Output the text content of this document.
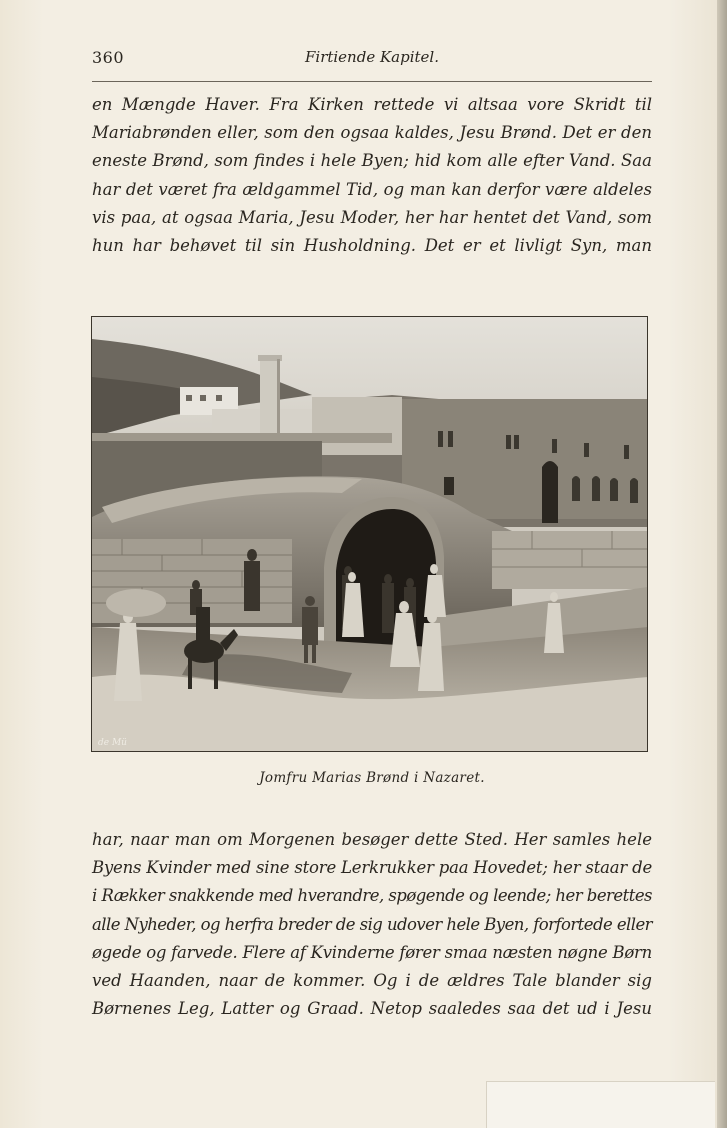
360	Firtiende Kapitel.
en Mængde Haver. Fra Kirken rettede vi altsaa vore Skridt til
Mariabrønden eller, som den ogsaa kaldes, Jesu Brønd. Det er den
eneste Brønd, som findes i hele Byen; hid kom alle efter Vand. Saa
har det været fra ældgammel Tid, og man kan derfor være aldeles
vis paa, at ogsaa Maria, Jesu Moder, her har hentet det Vand, som
hun har behøvet til sin Husholdning. Det er et livligt Syn, man
de Mü
Jomfru Marias Brønd i Nazaret.
har, naar man om Morgenen besøger dette Sted. Her samles hele
Byens Kvinder med sine store Lerkrukker paa Hovedet; her staar de
i Rækker snakkende med hverandre, spøgende og leende; her berettes
alle Nyheder, og herfra breder de sig udover hele Byen, forfortede eller
øgede og farvede. Flere af Kvinderne fører smaa næsten nøgne Børn
ved Haanden, naar de kommer. Og i de ældres Tale blander sig
Børnenes Leg, Latter og Graad. Netop saaledes saa det ud i Jesu
